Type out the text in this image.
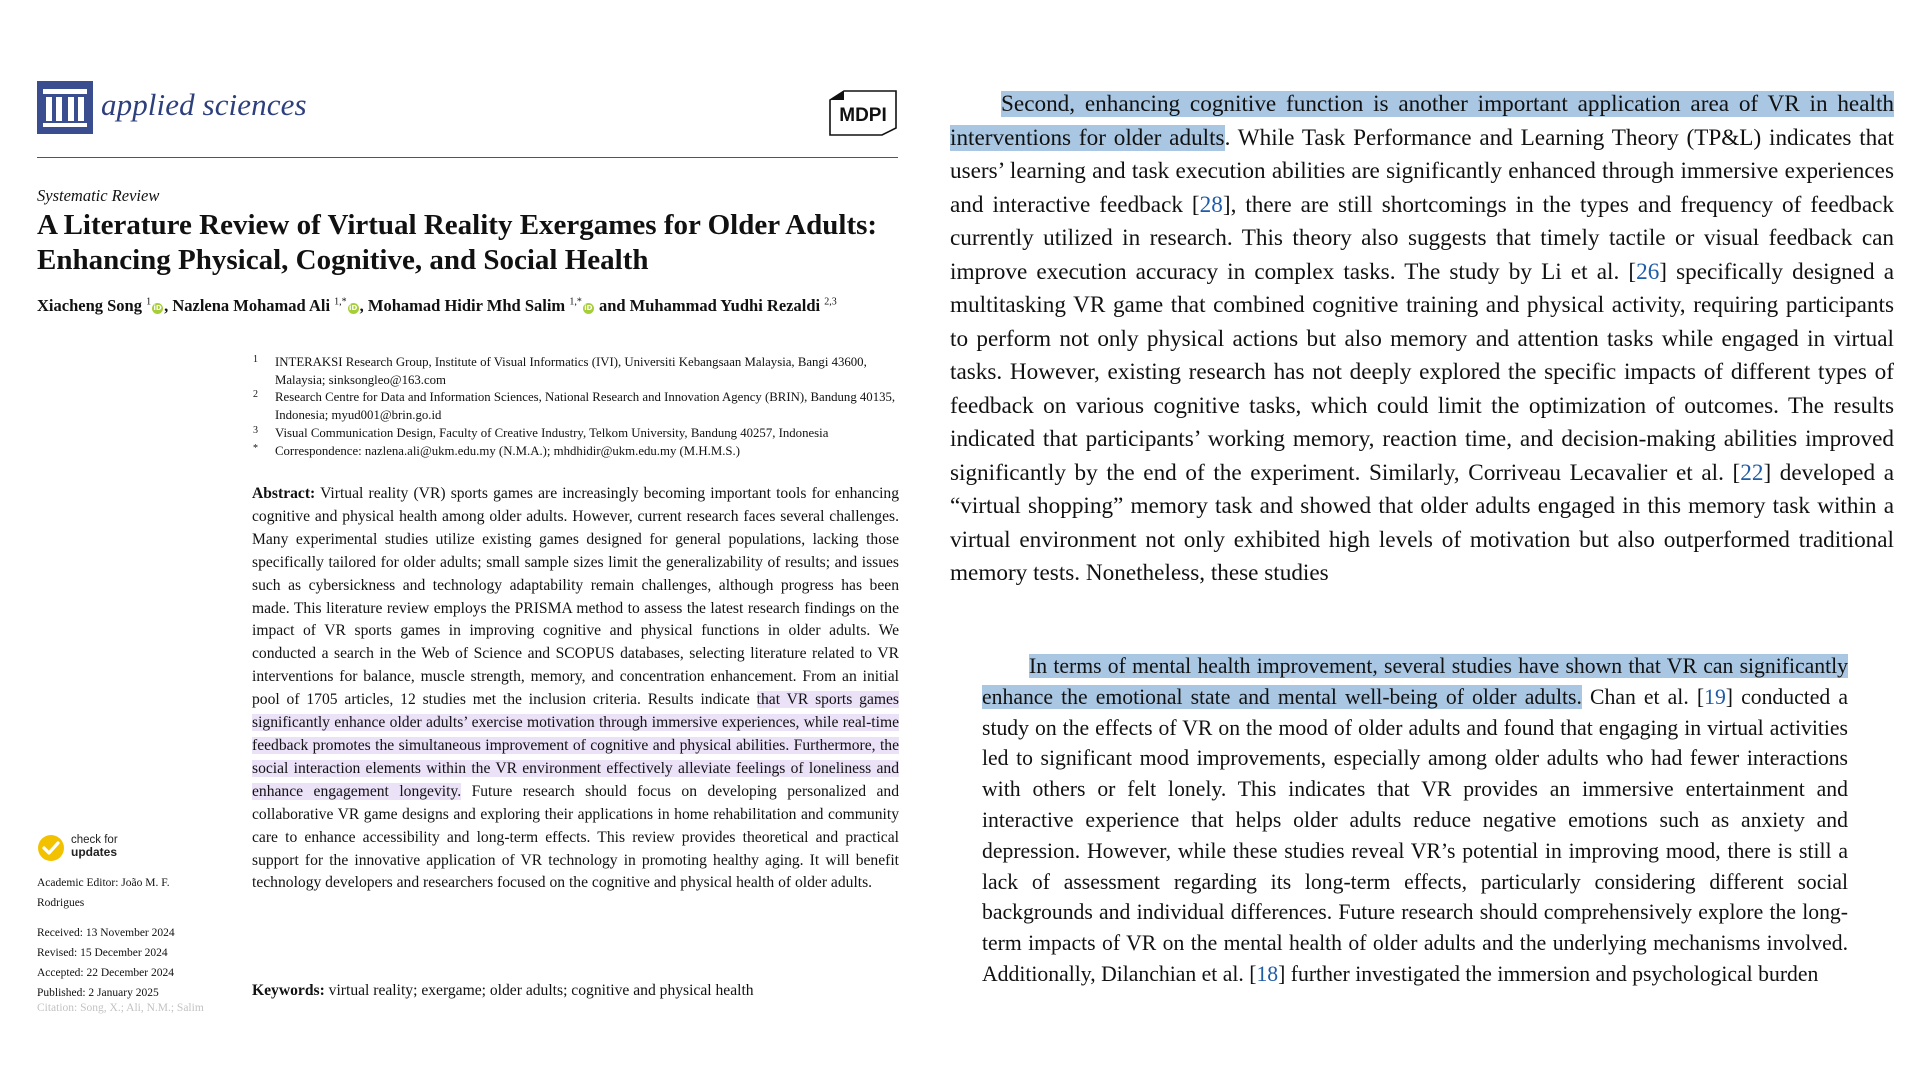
applied sciences	MDPI
Systematic Review
A Literature Review of Virtual Reality Exergames for Older Adults: Enhancing Physical, Cognitive, and Social Health
Xiacheng Song $^1$iD , Nazlena Mohamad Ali $^{1,*}$iD , Mohamad Hidir Mhd Salim $^{1,*}$iD and Muhammad Yudhi Rezaldi $^{2,3}$
1 INTERAKSI Research Group, Institute of Visual Informatics (IVI), Universiti Kebangsaan Malaysia, Bangi 43600, Malaysia; sinksongleo@163.com
2 Research Centre for Data and Information Sciences, National Research and Innovation Agency (BRIN), Bandung 40135, Indonesia; myud001@brin.go.id
3 Visual Communication Design, Faculty of Creative Industry, Telkom University, Bandung 40257, Indonesia
* Correspondence: nazlena.ali@ukm.edu.my (N.M.A.); mhdhidir@ukm.edu.my (M.H.M.S.)

Abstract: Virtual reality (VR) sports games are increasingly becoming important tools for enhancing cognitive and physical health among older adults. However, current research faces several challenges. Many experimental studies utilize existing games designed for general populations, lacking those specifically tailored for older adults; small sample sizes limit the generalizability of results; and issues such as cybersickness and technology adaptability remain challenges, although progress has been made. This literature review employs the PRISMA method to assess the latest research findings on the impact of VR sports games in improving cognitive and physical functions in older adults. We conducted a search in the Web of Science and SCOPUS databases, selecting literature related to VR interventions for balance, muscle strength, memory, and concentration enhancement. From an initial pool of 1705 articles, 12 studies met the inclusion criteria. Results indicate that VR sports games significantly enhance older adults’ exercise motivation through immersive experiences, while real-time feedback promotes the simultaneous improvement of cognitive and physical abilities. Furthermore, the social interaction elements within the VR environment effectively alleviate feelings of loneliness and enhance engagement longevity. Future research should focus on developing personalized and collaborative VR game designs and exploring their applications in home rehabilitation and community care to enhance accessibility and long-term effects. This review provides theoretical and practical support for the innovative application of VR technology in promoting healthy aging. It will benefit technology developers and researchers focused on the cognitive and physical health of older adults.

Keywords: virtual reality; exergame; older adults; cognitive and physical health
check for
updates
Academic Editor: João M. F. Rodrigues
Received: 13 November 2024
Revised: 15 December 2024
Accepted: 22 December 2024
Published: 2 January 2025
Citation: Song, X.; Ali, N.M.; Salim

Second, enhancing cognitive function is another important application area of VR in health interventions for older adults. While Task Performance and Learning Theory (TP&L) indicates that users’ learning and task execution abilities are significantly enhanced through immersive experiences and interactive feedback [28], there are still shortcomings in the types and frequency of feedback currently utilized in research. This theory also suggests that timely tactile or visual feedback can improve execution accuracy in complex tasks. The study by Li et al. [26] specifically designed a multitasking VR game that combined cognitive training and physical activity, requiring participants to perform not only physical actions but also memory and attention tasks while engaged in virtual tasks. However, existing research has not deeply explored the specific impacts of different types of feedback on various cognitive tasks, which could limit the optimization of outcomes. The results indicated that participants’ working memory, reaction time, and decision-making abilities improved significantly by the end of the experiment. Similarly, Corriveau Lecavalier et al. [22] developed a “virtual shopping” memory task and showed that older adults engaged in this memory task within a virtual environment not only exhibited high levels of motivation but also outperformed traditional memory tests. Nonetheless, these studies

In terms of mental health improvement, several studies have shown that VR can significantly enhance the emotional state and mental well-being of older adults. Chan et al. [19] conducted a study on the effects of VR on the mood of older adults and found that engaging in virtual activities led to significant mood improvements, especially among older adults who had fewer interactions with others or felt lonely. This indicates that VR provides an immersive entertainment and interactive experience that helps older adults reduce negative emotions such as anxiety and depression. However, while these studies reveal VR’s potential in improving mood, there is still a lack of assessment regarding its long-term effects, particularly considering different social backgrounds and individual differences. Future research should comprehensively explore the long-term impacts of VR on the mental health of older adults and the underlying mechanisms involved. Additionally, Dilanchian et al. [18] further investigated the immersion and psychological burden
